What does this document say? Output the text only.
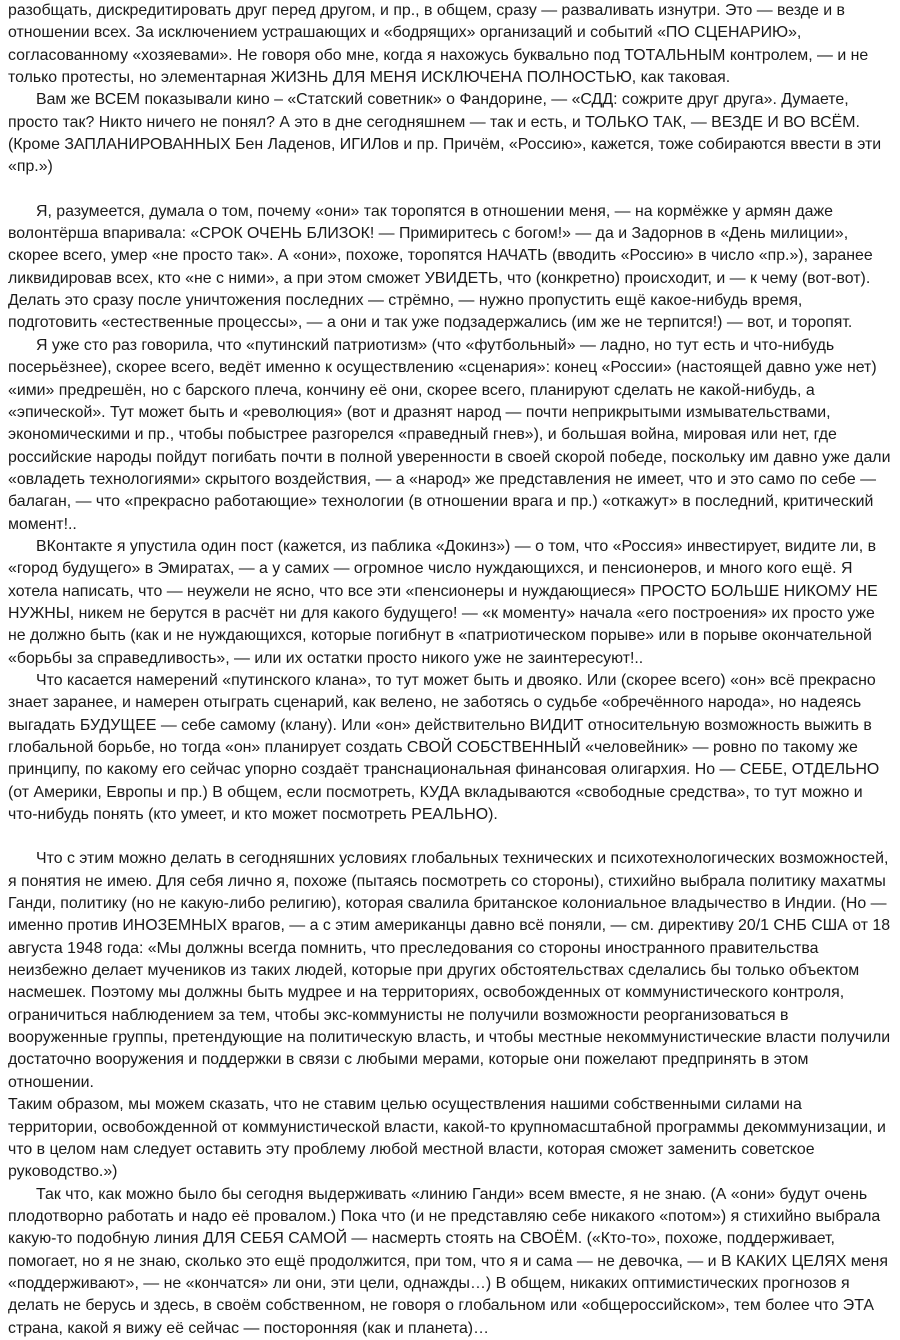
разобщать, дискредитировать друг перед другом, и пр., в общем, сразу — разваливать изнутри. Это — везде и в отношении всех. За исключением устрашающих и «бодрящих» организаций и событий «ПО СЦЕНАРИЮ», согласованному «хозяевами». Не говоря обо мне, когда я нахожусь буквально под ТОТАЛЬНЫМ контролем, — и не только протесты, но элементарная ЖИЗНЬ ДЛЯ МЕНЯ ИСКЛЮЧЕНА ПОЛНОСТЬЮ, как таковая.

Вам же ВСЕМ показывали кино – «Статский советник» о Фандорине, — «СДД: сожрите друг друга». Думаете, просто так? Никто ничего не понял? А это в дне сегодняшнем — так и есть, и ТОЛЬКО ТАК, — ВЕЗДЕ И ВО ВСЁМ. (Кроме ЗАПЛАНИРОВАННЫХ Бен Ладенов, ИГИЛов и пр. Причём, «Россию», кажется, тоже собираются ввести в эти «пр.»)

Я, разумеется, думала о том, почему «они» так торопятся в отношении меня, — на кормёжке у армян даже волонтёрша впаривала: «СРОК ОЧЕНЬ БЛИЗОК! — Примиритесь с богом!» — да и Задорнов в «День милиции», скорее всего, умер «не просто так». А «они», похоже, торопятся НАЧАТЬ (вводить «Россию» в число «пр.»), заранее ликвидировав всех, кто «не с ними», а при этом сможет УВИДЕТЬ, что (конкретно) происходит, и — к чему (вот-вот). Делать это сразу после уничтожения последних — стрёмно, — нужно пропустить ещё какое-нибудь время, подготовить «естественные процессы», — а они и так уже подзадержались (им же не терпится!) — вот, и торопят.

Я уже сто раз говорила, что «путинский патриотизм» (что «футбольный» — ладно, но тут есть и что-нибудь посерьёзнее), скорее всего, ведёт именно к осуществлению «сценария»: конец «России» (настоящей давно уже нет) «ими» предрешён, но с барского плеча, кончину её они, скорее всего, планируют сделать не какой-нибудь, а «эпической». Тут может быть и «революция» (вот и дразнят народ — почти неприкрытыми измывательствами, экономическими и пр., чтобы побыстрее разгорелся «праведный гнев»), и большая война, мировая или нет, где российские народы пойдут погибать почти в полной уверенности в своей скорой победе, поскольку им давно уже дали «овладеть технологиями» скрытого воздействия, — а «народ» же представления не имеет, что и это само по себе — балаган, — что «прекрасно работающие» технологии (в отношении врага и пр.) «откажут» в последний, критический момент!..

ВКонтакте я упустила один пост (кажется, из паблика «Докинз») — о том, что «Россия» инвестирует, видите ли, в «город будущего» в Эмиратах, — а у самих — огромное число нуждающихся, и пенсионеров, и много кого ещё. Я хотела написать, что — неужели не ясно, что все эти «пенсионеры и нуждающиеся» ПРОСТО БОЛЬШЕ НИКОМУ НЕ НУЖНЫ, никем не берутся в расчёт ни для какого будущего! — «к моменту» начала «его построения» их просто уже не должно быть (как и не нуждающихся, которые погибнут в «патриотическом порыве» или в порыве окончательной «борьбы за справедливость», — или их остатки просто никого уже не заинтересуют!..

Что касается намерений «путинского клана», то тут может быть и двояко. Или (скорее всего) «он» всё прекрасно знает заранее, и намерен отыграть сценарий, как велено, не заботясь о судьбе «обречённого народа», но надеясь выгадать БУДУЩЕЕ — себе самому (клану). Или «он» действительно ВИДИТ относительную возможность выжить в глобальной борьбе, но тогда «он» планирует создать СВОЙ СОБСТВЕННЫЙ «человейник» — ровно по такому же принципу, по какому его сейчас упорно создаёт транснациональная финансовая олигархия. Но — СЕБЕ, ОТДЕЛЬНО (от Америки, Европы и пр.) В общем, если посмотреть, КУДА вкладываются «свободные средства», то тут можно и что-нибудь понять (кто умеет, и кто может посмотреть РЕАЛЬНО).

Что с этим можно делать в сегодняшних условиях глобальных технических и психотехнологических возможностей, я понятия не имею. Для себя лично я, похоже (пытаясь посмотреть со стороны), стихийно выбрала политику махатмы Ганди, политику (но не какую-либо религию), которая свалила британское колониальное владычество в Индии. (Но — именно против ИНОЗЕМНЫХ врагов, — а с этим американцы давно всё поняли, — см. директиву 20/1 СНБ США от 18 августа 1948 года: «Мы должны всегда помнить, что преследования со стороны иностранного правительства неизбежно делает мучеников из таких людей, которые при других обстоятельствах сделались бы только объектом насмешек. Поэтому мы должны быть мудрее и на территориях, освобожденных от коммунистического контроля, ограничиться наблюдением за тем, чтобы экс-коммунисты не получили возможности реорганизоваться в вооруженные группы, претендующие на политическую власть, и чтобы местные некоммунистические власти получили достаточно вооружения и поддержки в связи с любыми мерами, которые они пожелают предпринять в этом отношении.

Таким образом, мы можем сказать, что не ставим целью осуществления нашими собственными силами на территории, освобожденной от коммунистической власти, какой-то крупномасштабной программы декоммунизации, и что в целом нам следует оставить эту проблему любой местной власти, которая сможет заменить советское руководство.»)

Так что, как можно было бы сегодня выдерживать «линию Ганди» всем вместе, я не знаю. (А «они» будут очень плодотворно работать и надо её провалом.) Пока что (и не представляю себе никакого «потом») я стихийно выбрала какую-то подобную линия ДЛЯ СЕБЯ САМОЙ — насмерть стоять на СВОЁМ. («Кто-то», похоже, поддерживает, помогает, но я не знаю, сколько это ещё продолжится, при том, что я и сама — не девочка, — и В КАКИХ ЦЕЛЯХ меня «поддерживают», — не «кончатся» ли они, эти цели, однажды…) В общем, никаких оптимистических прогнозов я делать не берусь и здесь, в своём собственном, не говоря о глобальном или «общероссийском», тем более что ЭТА страна, какой я вижу её сейчас — посторонняя (как и планета)…
